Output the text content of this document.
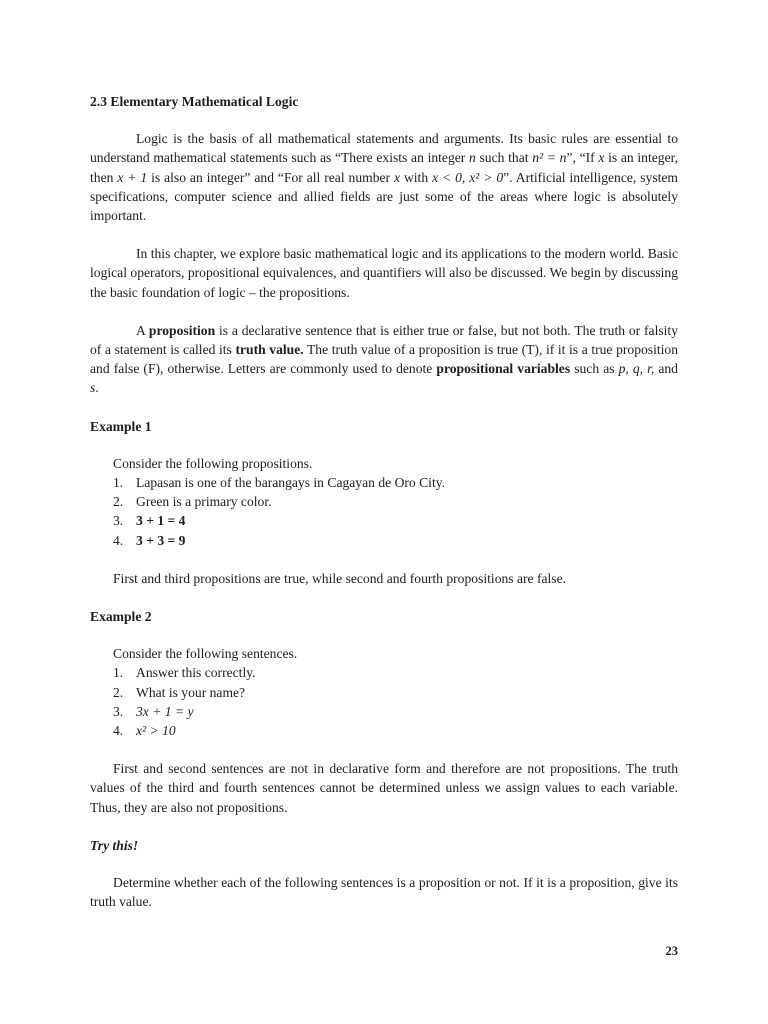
2.3 Elementary Mathematical Logic

Logic is the basis of all mathematical statements and arguments. Its basic rules are essential to understand mathematical statements such as “There exists an integer n such that n² = n”, “If x is an integer, then x + 1 is also an integer” and “For all real number x with x < 0, x² > 0”. Artificial intelligence, system specifications, computer science and allied fields are just some of the areas where logic is absolutely important.

In this chapter, we explore basic mathematical logic and its applications to the modern world. Basic logical operators, propositional equivalences, and quantifiers will also be discussed. We begin by discussing the basic foundation of logic – the propositions.

A proposition is a declarative sentence that is either true or false, but not both. The truth or falsity of a statement is called its truth value. The truth value of a proposition is true (T), if it is a true proposition and false (F), otherwise. Letters are commonly used to denote propositional variables such as p, q, r, and s.

Example 1

Consider the following propositions.

1. Lapasan is one of the barangays in Cagayan de Oro City.
2. Green is a primary color.
3. 3 + 1 = 4
4. 3 + 3 = 9

First and third propositions are true, while second and fourth propositions are false.

Example 2

Consider the following sentences.

1. Answer this correctly.
2. What is your name?
3. 3x + 1 = y
4. x² > 10

First and second sentences are not in declarative form and therefore are not propositions. The truth values of the third and fourth sentences cannot be determined unless we assign values to each variable. Thus, they are also not propositions.

Try this!

Determine whether each of the following sentences is a proposition or not. If it is a proposition, give its truth value.

23
